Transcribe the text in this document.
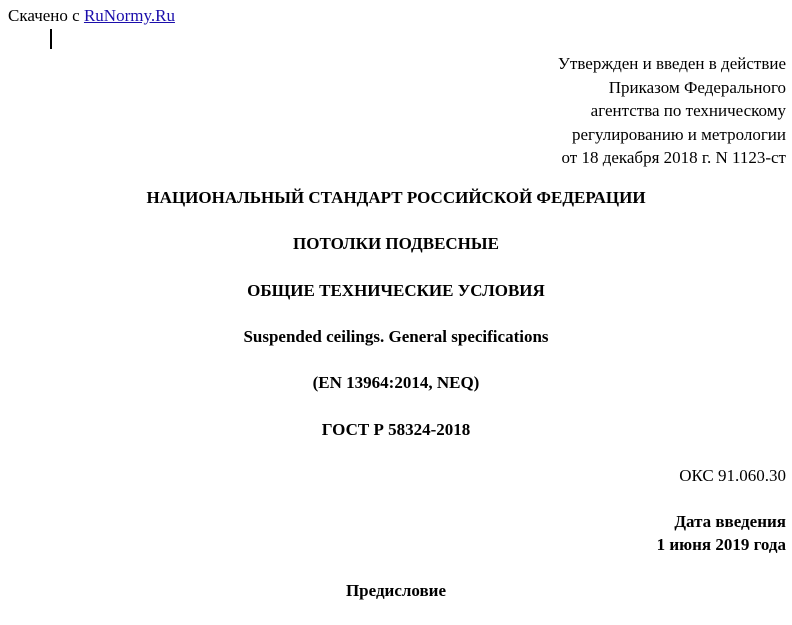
Скачено с RuNormy.Ru
Утвержден и введен в действие
Приказом Федерального
агентства по техническому
регулированию и метрологии
от 18 декабря 2018 г. N 1123-ст
НАЦИОНАЛЬНЫЙ СТАНДАРТ РОССИЙСКОЙ ФЕДЕРАЦИИ
ПОТОЛКИ ПОДВЕСНЫЕ
ОБЩИЕ ТЕХНИЧЕСКИЕ УСЛОВИЯ
Suspended ceilings. General specifications
(EN 13964:2014, NEQ)
ГОСТ Р 58324-2018
ОКС 91.060.30
Дата введения
1 июня 2019 года
Предисловие
